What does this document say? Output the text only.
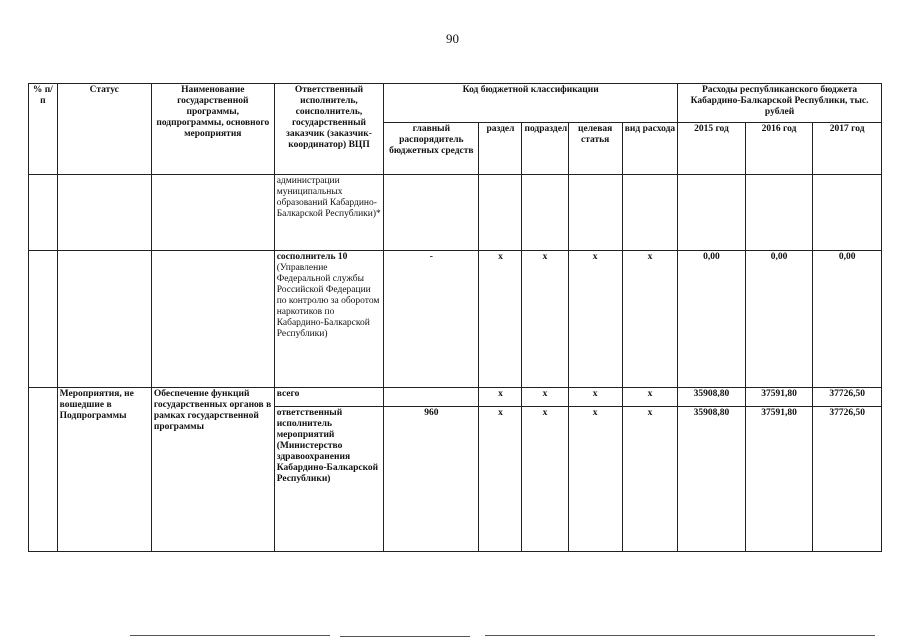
90
% п/п	Статус	Наименование государственной программы, подпрограммы, основного мероприятия	Ответственный исполнитель, соисполнитель, государственный заказчик (заказчик-координатор) ВЦП	Код бюджетной классификации					Расходы республиканского бюджета Кабардино-Балкарской Республики, тыс. рублей		
				главный распорядитель бюджетных средств	раздел	подраздел	целевая статья	вид расхода	2015 год	2016 год	2017 год
			администрации муниципальных образований Кабардино-Балкарской Республики)*								
			сосполнитель 10 (Управление Федеральной службы Российской Федерации по контролю за оборотом наркотиков по Кабардино-Балкарской Республики)	-	х	х	х	х	0,00	0,00	0,00
	Мероприятия, не вошедшие в Подпрограммы	Обеспечение функций государственных органов в рамках государственной программы	всего		х	х	х	х	35908,80	37591,80	37726,50
			ответственный исполнитель мероприятий (Министерство здравоохранения Кабардино-Балкарской Республики)	960	х	х	х	х	35908,80	37591,80	37726,50
